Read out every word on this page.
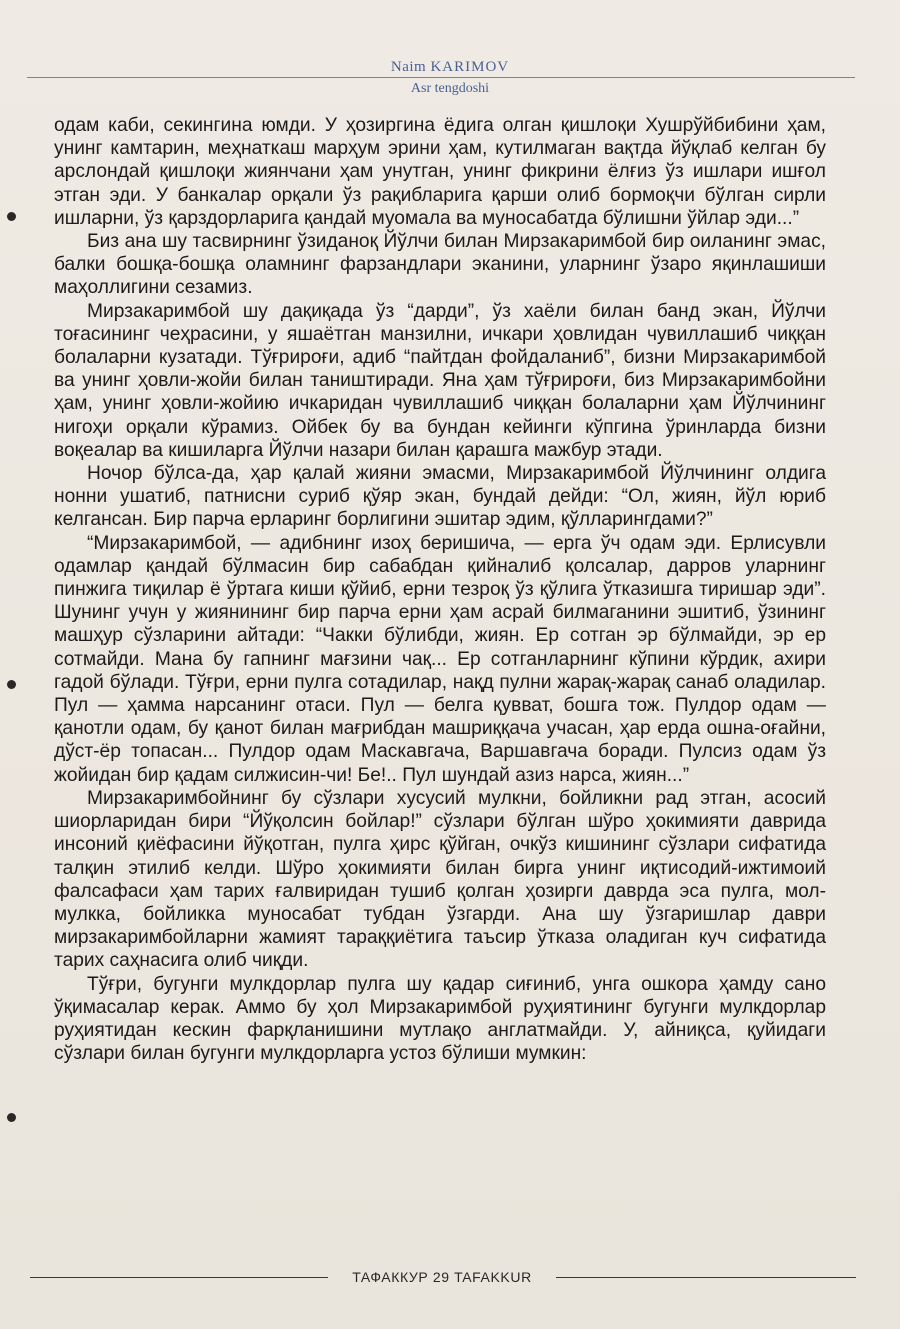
Naim KARIMOV
Asr tengdoshi

одам каби, секингина юмди. У ҳозиргина ёдига олган қишлоқи Хушрўйбибини ҳам, унинг камтарин, меҳнаткаш марҳум эрини ҳам, кутилмаган вақтда йўқлаб келган бу арслондай қишлоқи жиянчани ҳам унутган, унинг фикрини ёлғиз ўз ишлари ишғол этган эди. У банкалар орқали ўз рақибларига қарши олиб бормоқчи бўлган сирли ишларни, ўз қарздорларига қандай муомала ва муносабатда бўлишни ўйлар эди...”

Биз ана шу тасвирнинг ўзиданоқ Йўлчи билан Мирзакаримбой бир оиланинг эмас, балки бошқа-бошқа оламнинг фарзандлари эканини, уларнинг ўзаро яқинлашиши маҳоллигини сезамиз.

Мирзакаримбой шу дақиқада ўз “дарди”, ўз хаёли билан банд экан, Йўлчи тоғасининг чеҳрасини, у яшаётган манзилни, ичкари ҳовлидан чувиллашиб чиққан болаларни кузатади. Тўғрироғи, адиб “пайтдан фойдаланиб”, бизни Мирзакаримбой ва унинг ҳовли-жойи билан таништиради. Яна ҳам тўғрироғи, биз Мирзакаримбойни ҳам, унинг ҳовли-жойию ичкаридан чувиллашиб чиққан болаларни ҳам Йўлчининг нигоҳи орқали кўрамиз. Ойбек бу ва бундан кейинги кўпгина ўринларда бизни воқеалар ва кишиларга Йўлчи назари билан қарашга мажбур этади.

Ночор бўлса-да, ҳар қалай жияни эмасми, Мирзакаримбой Йўлчининг олдига нонни ушатиб, патнисни суриб қўяр экан, бундай дейди: “Ол, жиян, йўл юриб келгансан. Бир парча ерларинг борлигини эшитар эдим, қўлларингдами?”

“Мирзакаримбой, — адибнинг изоҳ беришича, — ерга ўч одам эди. Ерлисувли одамлар қандай бўлмасин бир сабабдан қийналиб қолсалар, дарров уларнинг пинжига тиқилар ё ўртага киши қўйиб, ерни тезроқ ўз қўлига ўтказишга тиришар эди”. Шунинг учун у жиянининг бир парча ерни ҳам асрай билмаганини эшитиб, ўзининг машҳур сўзларини айтади: “Чакки бўлибди, жиян. Ер сотган эр бўлмайди, эр ер сотмайди. Мана бу гапнинг мағзини чақ... Ер сотганларнинг кўпини кўрдик, ахири гадой бўлади. Тўғри, ерни пулга сотадилар, нақд пулни жарақ-жарақ санаб оладилар. Пул — ҳамма нарсанинг отаси. Пул — белга қувват, бошга тож. Пулдор одам — қанотли одам, бу қанот билан мағрибдан машриққача учасан, ҳар ерда ошна-оғайни, дўст-ёр топасан... Пулдор одам Маскавгача, Варшавгача боради. Пулсиз одам ўз жойидан бир қадам силжисин-чи! Бе!.. Пул шундай азиз нарса, жиян...”

Мирзакаримбойнинг бу сўзлари хусусий мулкни, бойликни рад этган, асосий шиорларидан бири “Йўқолсин бойлар!” сўзлари бўлган шўро ҳокимияти даврида инсоний қиёфасини йўқотган, пулга ҳирс қўйган, очкўз кишининг сўзлари сифатида талқин этилиб келди. Шўро ҳокимияти билан бирга унинг иқтисодий-ижтимоий фалсафаси ҳам тарих ғалвиридан тушиб қолган ҳозирги даврда эса пулга, мол-мулкка, бойликка муносабат тубдан ўзгарди. Ана шу ўзгаришлар даври мирзакаримбойларни жамият тараққиётига таъсир ўтказа оладиган куч сифатида тарих саҳнасига олиб чиқди.

Тўғри, бугунги мулкдорлар пулга шу қадар сиғиниб, унга ошкора ҳамду сано ўқимасалар керак. Аммо бу ҳол Мирзакаримбой руҳиятининг бугунги мулкдорлар руҳиятидан кескин фарқланишини мутлақо англатмайди. У, айниқса, қуйидаги сўзлари билан бугунги мулкдорларга устоз бўлиши мумкин:

ТАФАККУР 29 TAFAKKUR
